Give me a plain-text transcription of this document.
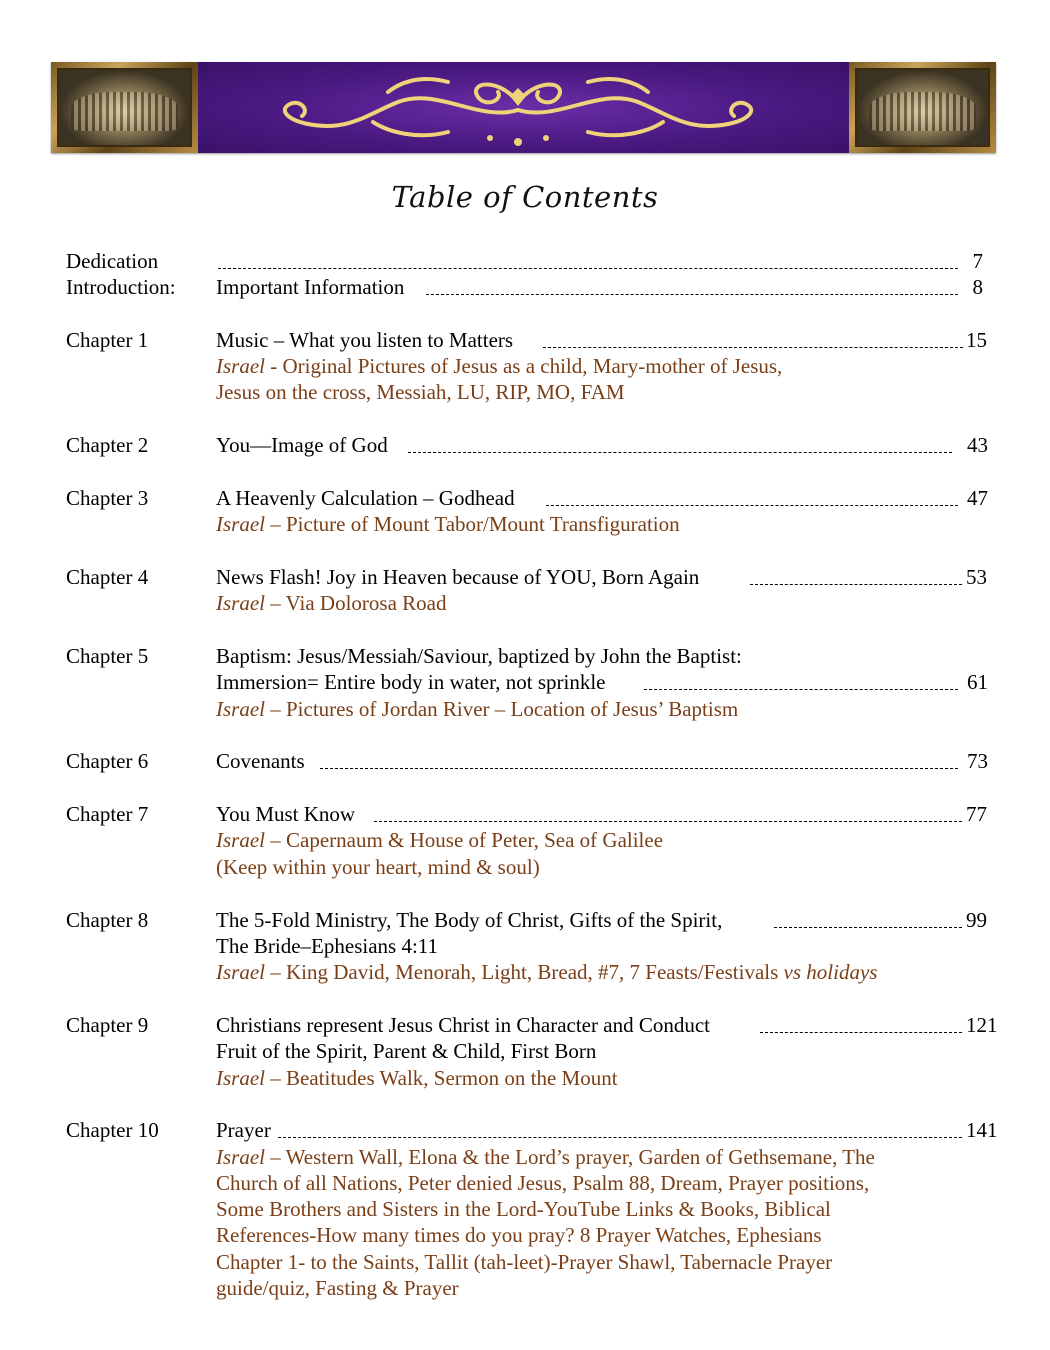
Table of Contents
Dedication	7
Introduction: Important Information	8
Chapter 1	Music – What you listen to Matters	15
Israel - Original Pictures of Jesus as a child, Mary-mother of Jesus,
Jesus on the cross, Messiah, LU, RIP, MO, FAM
Chapter 2	You—Image of God	43
Chapter 3	A Heavenly Calculation – Godhead	47
Israel – Picture of Mount Tabor/Mount Transfiguration
Chapter 4	News Flash! Joy in Heaven because of YOU, Born Again	53
Israel – Via Dolorosa Road
Chapter 5	Baptism: Jesus/Messiah/Saviour, baptized by John the Baptist:
Immersion= Entire body in water, not sprinkle	61
Israel – Pictures of Jordan River – Location of Jesus’ Baptism
Chapter 6	Covenants	73
Chapter 7	You Must Know	77
Israel – Capernaum & House of Peter, Sea of Galilee
(Keep within your heart, mind & soul)
Chapter 8	The 5-Fold Ministry, The Body of Christ, Gifts of the Spirit,	99
The Bride–Ephesians 4:11
Israel – King David, Menorah, Light, Bread, #7, 7 Feasts/Festivals vs holidays
Chapter 9	Christians represent Jesus Christ in Character and Conduct	121
Fruit of the Spirit, Parent & Child, First Born
Israel – Beatitudes Walk, Sermon on the Mount
Chapter 10	Prayer	141
Israel – Western Wall, Elona & the Lord’s prayer, Garden of Gethsemane, The
Church of all Nations, Peter denied Jesus, Psalm 88, Dream, Prayer positions,
Some Brothers and Sisters in the Lord-YouTube Links & Books, Biblical
References-How many times do you pray? 8 Prayer Watches, Ephesians
Chapter 1- to the Saints, Tallit (tah-leet)-Prayer Shawl, Tabernacle Prayer
guide/quiz, Fasting & Prayer
